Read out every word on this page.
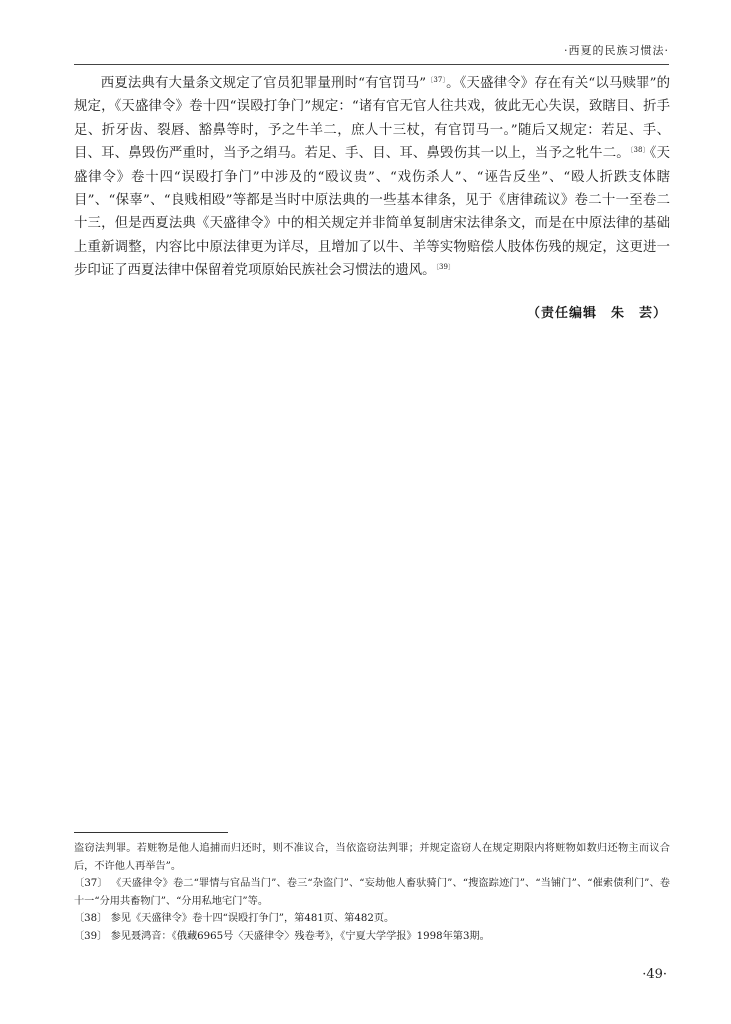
·西夏的民族习惯法·

西夏法典有大量条文规定了官员犯罪量刑时“有官罚马”$^{〔37〕}$。《天盛律令》存在有关“以马赎罪”的规定，《天盛律令》卷十四“误殴打争门”规定：“诸有官无官人往共戏，彼此无心失误，致瞎目、折手足、折牙齿、裂唇、豁鼻等时，予之牛羊二，庶人十三杖，有官罚马一。”随后又规定：若足、手、目、耳、鼻毁伤严重时，当予之绢马。若足、手、目、耳、鼻毁伤其一以上，当予之牝牛二。$^{〔38〕}$《天盛律令》卷十四“误殴打争门”中涉及的“殴议贵”、“戏伤杀人”、“诬告反坐”、“殴人折跌支体瞎目”、“保辜”、“良贱相殴”等都是当时中原法典的一些基本律条，见于《唐律疏议》卷二十一至卷二十三，但是西夏法典《天盛律令》中的相关规定并非简单复制唐宋法律条文，而是在中原法律的基础上重新调整，内容比中原法律更为详尽，且增加了以牛、羊等实物赔偿人肢体伤残的规定，这更进一步印证了西夏法律中保留着党项原始民族社会习惯法的遗风。$^{〔39〕}$

（责任编辑　朱　芸）

盗窃法判罪。若赃物是他人追捕而归还时，则不准议合，当依盗窃法判罪；并规定盗窃人在规定期限内将赃物如数归还物主而议合后，不许他人再举告”。

〔37〕 《天盛律令》卷二“罪情与官品当门”、卷三“杂盗门”、“妄劫他人畜驮骑门”、“搜盗踪迹门”、“当铺门”、“催索债利门”、卷十一“分用共畜物门”、“分用私地宅门”等。

〔38〕 参见《天盛律令》卷十四“误殴打争门”，第481页、第482页。

〔39〕 参见聂鸿音：《俄藏6965号〈天盛律令〉残卷考》，《宁夏大学学报》1998年第3期。

·49·
